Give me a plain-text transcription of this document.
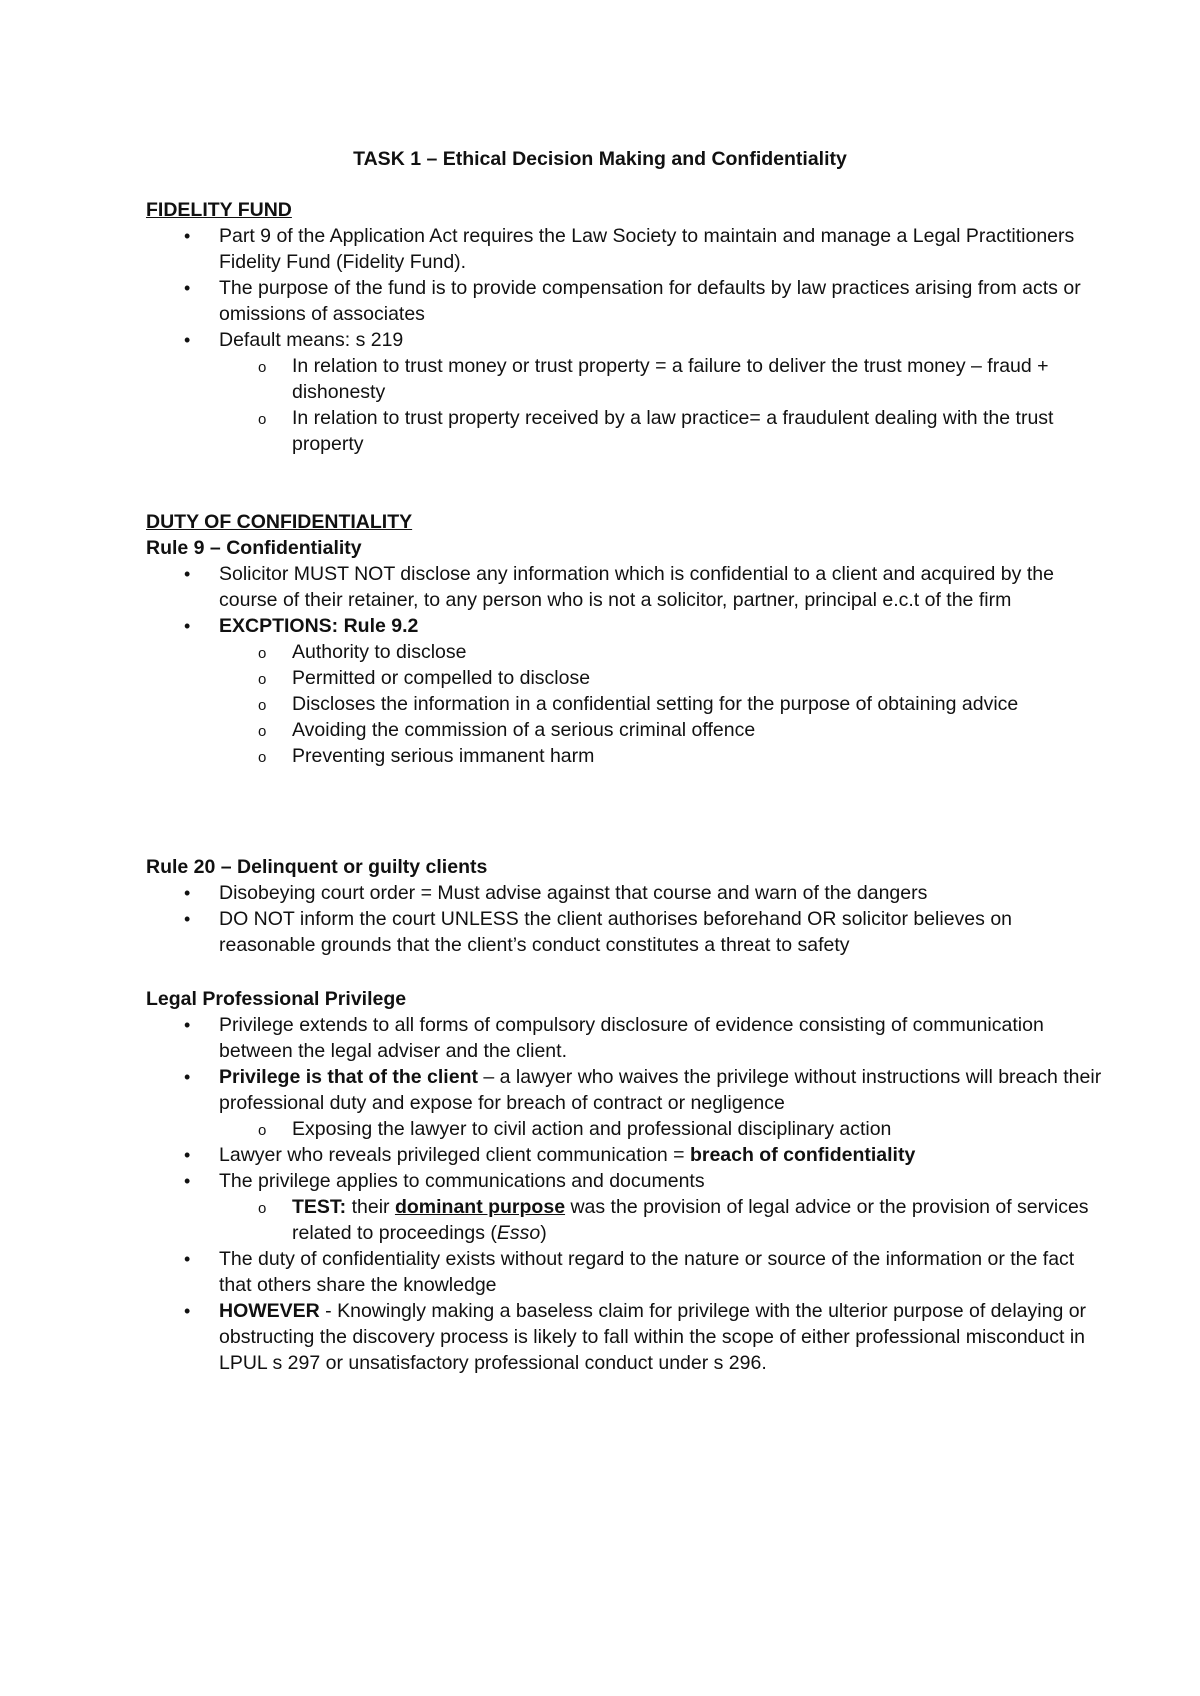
TASK 1 – Ethical Decision Making and Confidentiality
FIDELITY FUND
• Part 9 of the Application Act requires the Law Society to maintain and manage a Legal Practitioners Fidelity Fund (Fidelity Fund).
• The purpose of the fund is to provide compensation for defaults by law practices arising from acts or omissions of associates
• Default means: s 219
o In relation to trust money or trust property = a failure to deliver the trust money – fraud + dishonesty
o In relation to trust property received by a law practice= a fraudulent dealing with the trust property
DUTY OF CONFIDENTIALITY
Rule 9 – Confidentiality
• Solicitor MUST NOT disclose any information which is confidential to a client and acquired by the course of their retainer, to any person who is not a solicitor, partner, principal e.c.t of the firm
• EXCPTIONS: Rule 9.2
o Authority to disclose
o Permitted or compelled to disclose
o Discloses the information in a confidential setting for the purpose of obtaining advice
o Avoiding the commission of a serious criminal offence
o Preventing serious immanent harm
Rule 20 – Delinquent or guilty clients
• Disobeying court order = Must advise against that course and warn of the dangers
• DO NOT inform the court UNLESS the client authorises beforehand OR solicitor believes on reasonable grounds that the client’s conduct constitutes a threat to safety
Legal Professional Privilege
• Privilege extends to all forms of compulsory disclosure of evidence consisting of communication between the legal adviser and the client.
• Privilege is that of the client – a lawyer who waives the privilege without instructions will breach their professional duty and expose for breach of contract or negligence
o Exposing the lawyer to civil action and professional disciplinary action
• Lawyer who reveals privileged client communication = breach of confidentiality
• The privilege applies to communications and documents
o TEST: their dominant purpose was the provision of legal advice or the provision of services related to proceedings (Esso)
• The duty of confidentiality exists without regard to the nature or source of the information or the fact that others share the knowledge
• HOWEVER - Knowingly making a baseless claim for privilege with the ulterior purpose of delaying or obstructing the discovery process is likely to fall within the scope of either professional misconduct in LPUL s 297 or unsatisfactory professional conduct under s 296.
